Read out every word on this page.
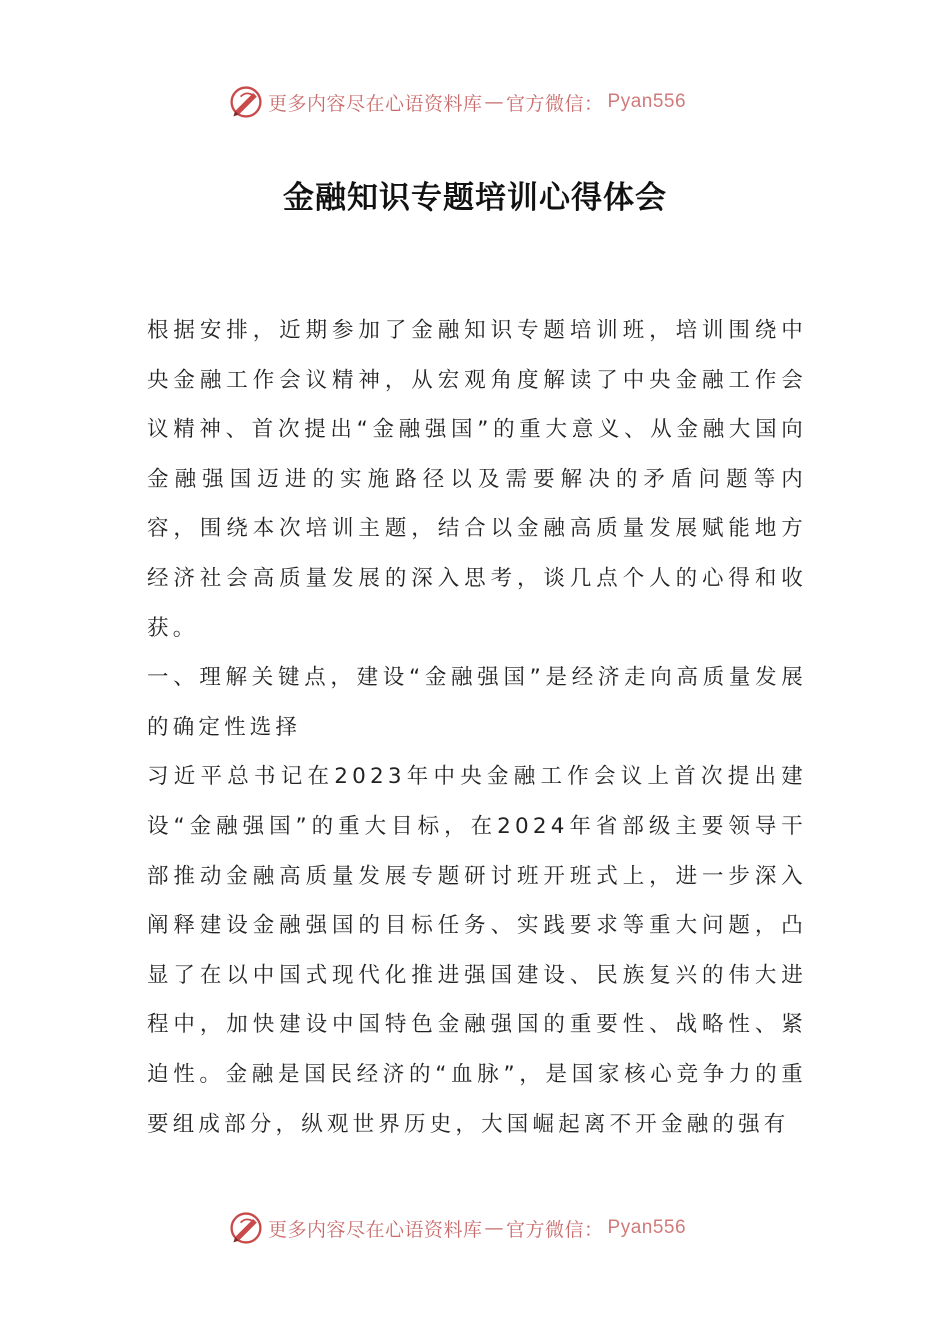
更多内容尽在心语资料库 — 官方微信： Pyan556
金融知识专题培训心得体会

根据安排，近期参加了金融知识专题培训班，培训围绕中央金融工作会议精神，从宏观角度解读了中央金融工作会议精神、首次提出“金融强国”的重大意义、从金融大国向金融强国迈进的实施路径以及需要解决的矛盾问题等内容，围绕本次培训主题，结合以金融高质量发展赋能地方经济社会高质量发展的深入思考，谈几点个人的心得和收获。

一、理解关键点，建设“金融强国”是经济走向高质量发展的确定性选择

习近平总书记在2023年中央金融工作会议上首次提出建设“金融强国”的重大目标，在2024年省部级主要领导干部推动金融高质量发展专题研讨班开班式上，进一步深入阐释建设金融强国的目标任务、实践要求等重大问题，凸显了在以中国式现代化推进强国建设、民族复兴的伟大进程中，加快建设中国特色金融强国的重要性、战略性、紧迫性。金融是国民经济的“血脉”，是国家核心竞争力的重要组成部分，纵观世界历史，大国崛起离不开金融的强有

更多内容尽在心语资料库 — 官方微信： Pyan556
